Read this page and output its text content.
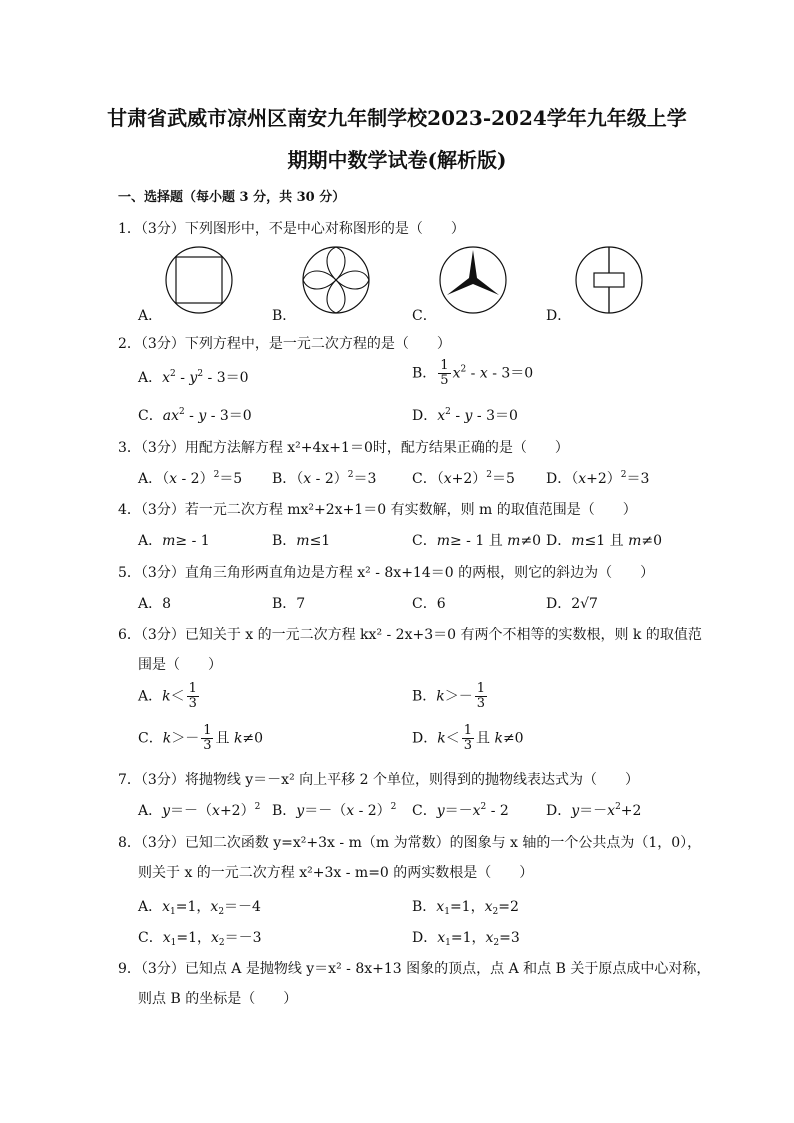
甘肃省武威市凉州区南安九年制学校2023-2024学年九年级上学
期期中数学试卷(解析版)
一、选择题（每小题 3 分，共 30 分）
1．（3分）下列图形中，不是中心对称图形的是（　　）
A．	B．	C．	D．
2．（3分）下列方程中，是一元二次方程的是（　　）
A．$x^2 - y^2 - 3=0$	B． $\frac{1}{5} x^2 - x - 3=0$
C．$ax^2 - y - 3=0$	D．$x^2 - y - 3=0$
3．（3分）用配方法解方程 x²+4x+1＝0时，配方结果正确的是（　　）
A．（x - 2）$^2$＝5 B．（x - 2）$^2$＝3	C．$(x+2)^2=5$ D．$(x+2)^2=3$
4．（3分）若一元二次方程 mx²+2x+1＝0 有实数解，则 m 的取值范围是（　　）
A．m≥ - 1	B．m≤1	C．m≥ - 1 且 m≠0 D．m≤1 且 m≠0
5．（3分）直角三角形两直角边是方程 x² - 8x+14＝0 的两根，则它的斜边为（　　）
A．8	B．7	C．6	D．2√7
6．（3分）已知关于 x 的一元二次方程 kx² - 2x+3＝0 有两个不相等的实数根，则 k 的取值范
围是（　　）
A．$k< \frac{1}{3}$	B．$k>- \frac{1}{3}$
C．$k>- \frac{1}{3}$ 且 k≠0	D．$k< \frac{1}{3}$ 且 k≠0
7．（3分）将抛物线 y＝－x² 向上平移 2 个单位，则得到的抛物线表达式为（　　）
A．$y=-(x+2)^2$ B．y＝－（x - 2）$^2$ C．$y=-x^2 - 2$	D．$y=-x^2+2$
8．（3分）已知二次函数 y=x²+3x - m（m 为常数）的图象与 x 轴的一个公共点为（1，0），
则关于 x 的一元二次方程 x²+3x - m=0 的两实数根是（　　）
A．$x_1=1$，$x_2=-4$	B．$x_1=1$，$x_2=2$
C．$x_1=1$，$x_2=-3$	D．$x_1=1$，$x_2=3$
9．（3分）已知点 A 是抛物线 y＝x² - 8x+13 图象的顶点，点 A 和点 B 关于原点成中心对称，
则点 B 的坐标是（　　）
